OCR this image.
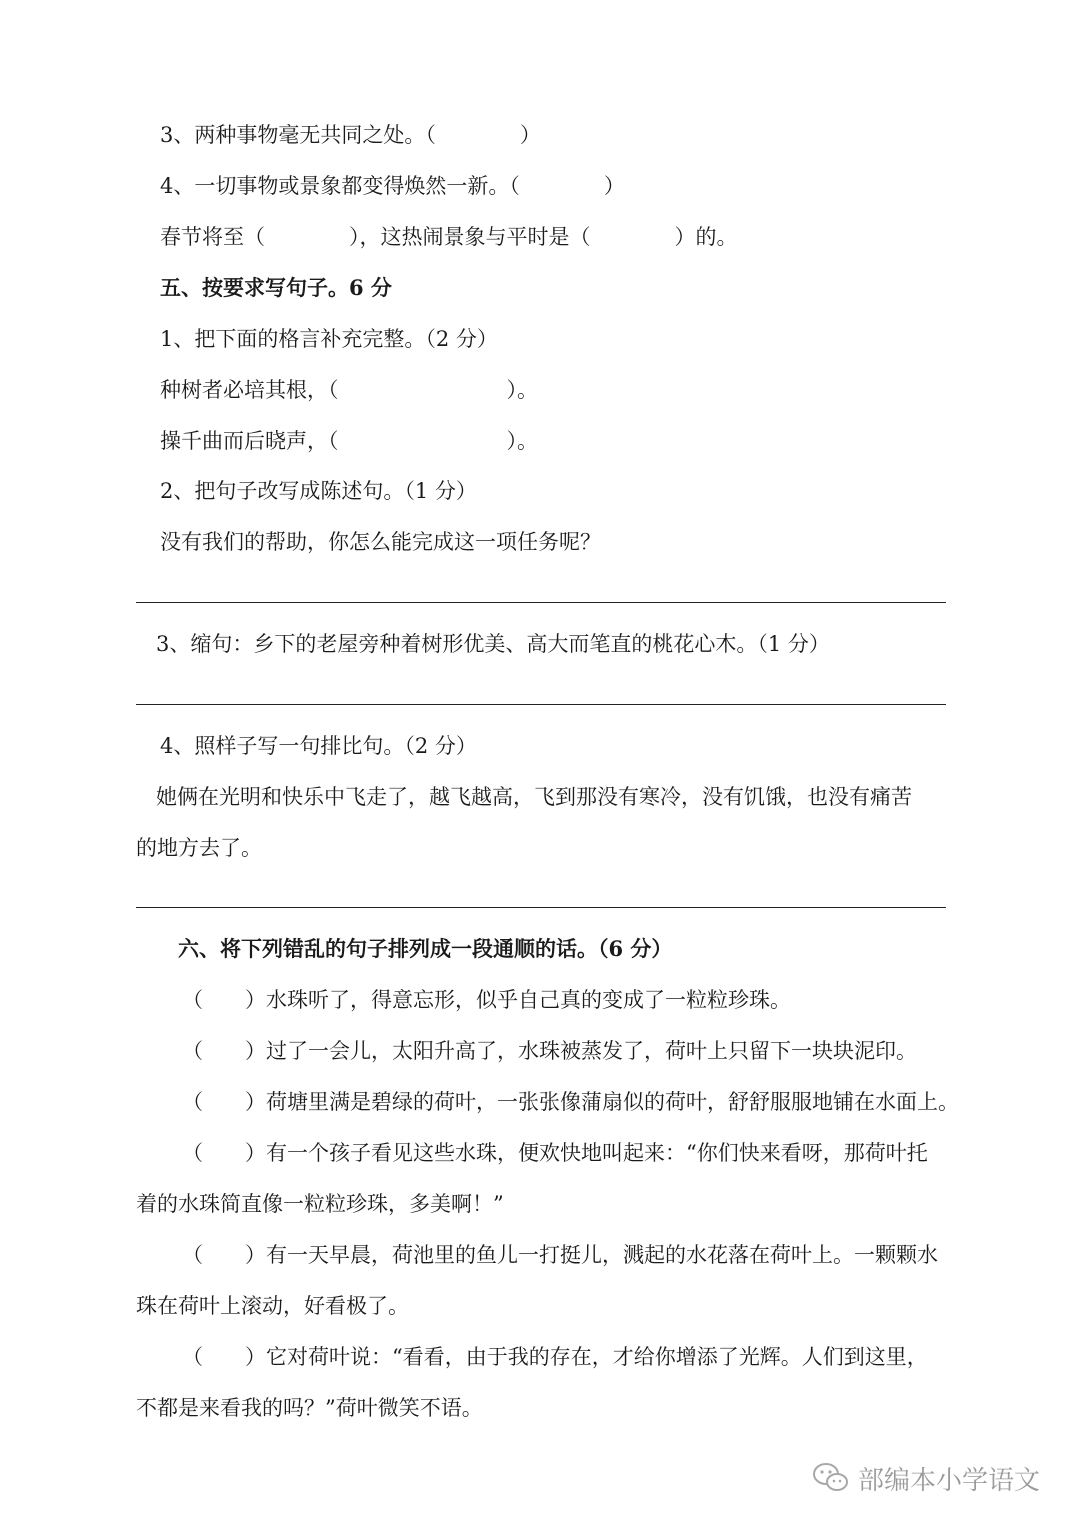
3、两种事物毫无共同之处。（　　　　）
4、一切事物或景象都变得焕然一新。（　　　　）
春节将至（　　　　），这热闹景象与平时是（　　　　）的。
五、按要求写句子。6 分
1、把下面的格言补充完整。（2 分）
种树者必培其根，（　　　　　　　　）。
操千曲而后晓声，（　　　　　　　　）。
2、把句子改写成陈述句。（1 分）
没有我们的帮助，你怎么能完成这一项任务呢？
3、缩句：乡下的老屋旁种着树形优美、高大而笔直的桃花心木。（1 分）
4、照样子写一句排比句。（2 分）
她俩在光明和快乐中飞走了，越飞越高，飞到那没有寒冷，没有饥饿，也没有痛苦
的地方去了。
六、将下列错乱的句子排列成一段通顺的话。（6 分）
（　　）水珠听了，得意忘形，似乎自己真的变成了一粒粒珍珠。
（　　）过了一会儿，太阳升高了，水珠被蒸发了，荷叶上只留下一块块泥印。
（　　）荷塘里满是碧绿的荷叶，一张张像蒲扇似的荷叶，舒舒服服地铺在水面上。
（　　）有一个孩子看见这些水珠，便欢快地叫起来：“你们快来看呀，那荷叶托
着的水珠简直像一粒粒珍珠，多美啊！”
（　　）有一天早晨，荷池里的鱼儿一打挺儿，溅起的水花落在荷叶上。一颗颗水
珠在荷叶上滚动，好看极了。
（　　）它对荷叶说：“看看，由于我的存在，才给你增添了光辉。人们到这里，
不都是来看我的吗？”荷叶微笑不语。
部编本小学语文
